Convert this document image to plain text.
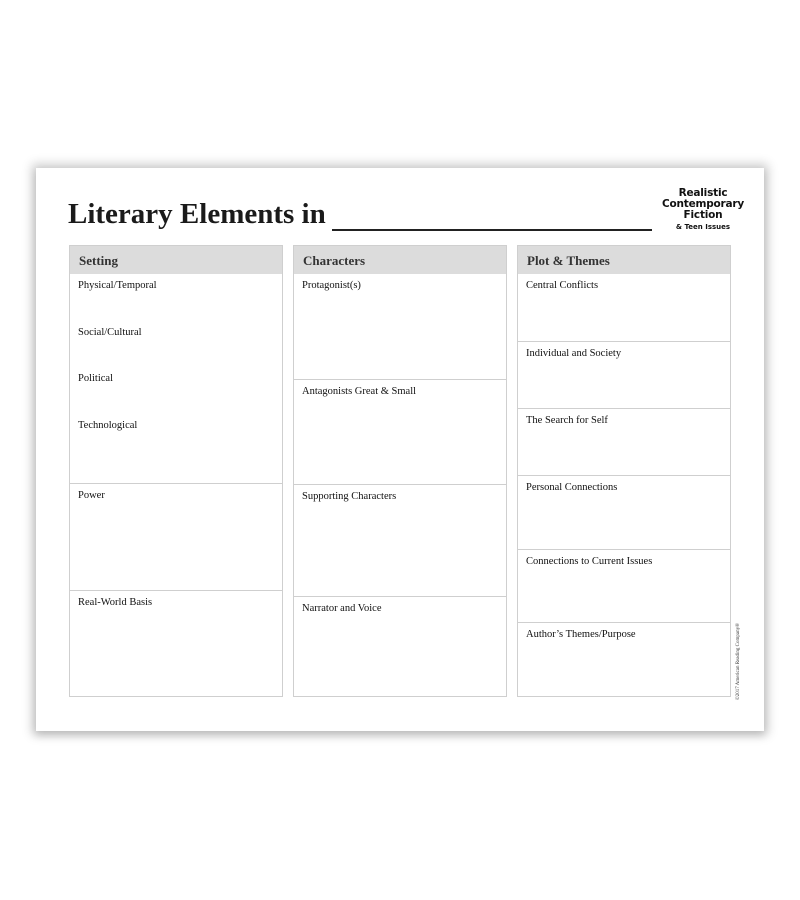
Literary Elements in
Realistic
Contemporary
Fiction
& Teen Issues
Setting
Physical/Temporal
Social/Cultural
Political
Technological
Power
Real-World Basis
Characters
Protagonist(s)
Antagonists Great & Small
Supporting Characters
Narrator and Voice
Plot & Themes
Central Conflicts
Individual and Society
The Search for Self
Personal Connections
Connections to Current Issues
Author’s Themes/Purpose	©2017 American Reading Company®
